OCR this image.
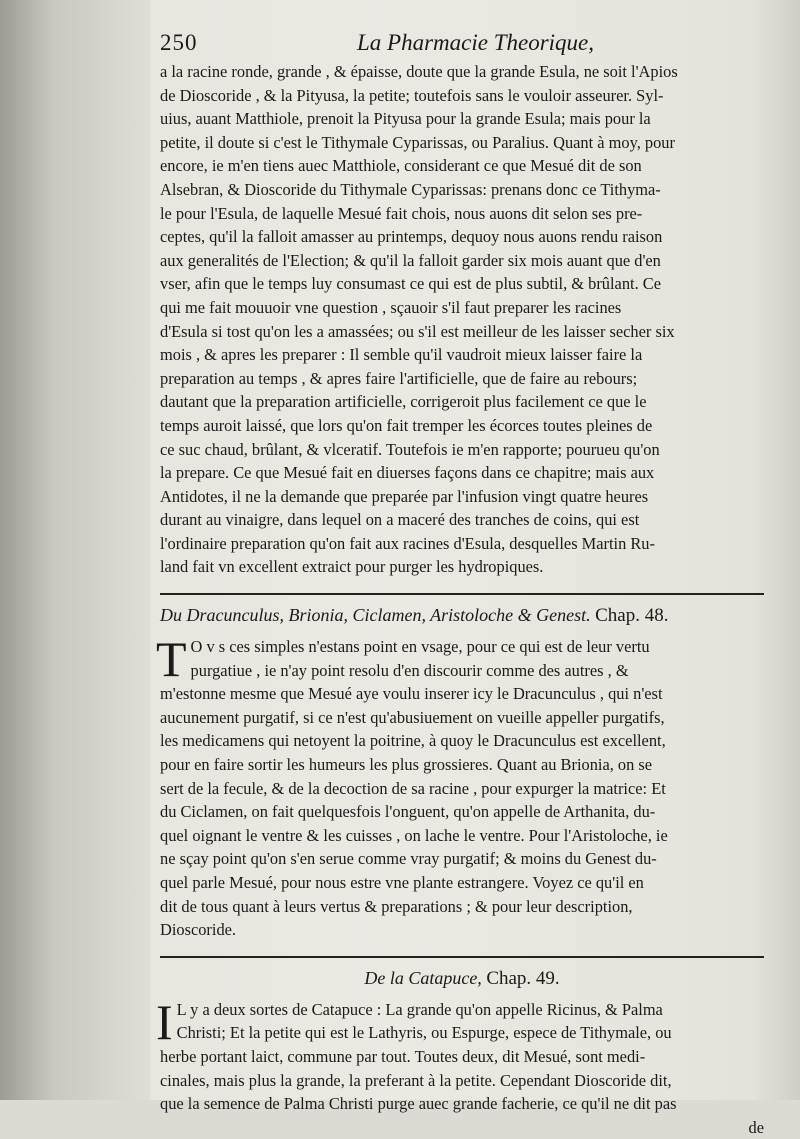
250	La Pharmacie Theorique,
a la racine ronde, grande , & épaisse, doute que la grande Esula, ne soit l'Apios
de Dioscoride , & la Pityusa, la petite; toutefois sans le vouloir asseurer. Syl-
uius, auant Matthiole, prenoit la Pityusa pour la grande Esula; mais pour la
petite, il doute si c'est le Tithymale Cyparissas, ou Paralius. Quant à moy, pour
encore, ie m'en tiens auec Matthiole, considerant ce que Mesué dit de son
Alsebran, & Dioscoride du Tithymale Cyparissas: prenans donc ce Tithyma-
le pour l'Esula, de laquelle Mesué fait chois, nous auons dit selon ses pre-
ceptes, qu'il la falloit amasser au printemps, dequoy nous auons rendu raison
aux generalités de l'Election; & qu'il la falloit garder six mois auant que d'en
vser, afin que le temps luy consumast ce qui est de plus subtil, & brûlant. Ce
qui me fait mouuoir vne question , sçauoir s'il faut preparer les racines
d'Esula si tost qu'on les a amassées; ou s'il est meilleur de les laisser secher six
mois , & apres les preparer : Il semble qu'il vaudroit mieux laisser faire la
preparation au temps , & apres faire l'artificielle, que de faire au rebours;
dautant que la preparation artificielle, corrigeroit plus facilement ce que le
temps auroit laissé, que lors qu'on fait tremper les écorces toutes pleines de
ce suc chaud, brûlant, & vlceratif. Toutefois ie m'en rapporte; pourueu qu'on
la prepare. Ce que Mesué fait en diuerses façons dans ce chapitre; mais aux
Antidotes, il ne la demande que preparée par l'infusion vingt quatre heures
durant au vinaigre, dans lequel on a maceré des tranches de coins, qui est
l'ordinaire preparation qu'on fait aux racines d'Esula, desquelles Martin Ru-
land fait vn excellent extraict pour purger les hydropiques.
Du Dracunculus, Brionia, Ciclamen, Aristoloche & Genest. Chap. 48.
T O v s ces simples n'estans point en vsage, pour ce qui est de leur vertu
purgatiue , ie n'ay point resolu d'en discourir comme des autres , &
m'estonne mesme que Mesué aye voulu inserer icy le Dracunculus , qui n'est
aucunement purgatif, si ce n'est qu'abusiuement on vueille appeller purgatifs,
les medicamens qui netoyent la poitrine, à quoy le Dracunculus est excellent,
pour en faire sortir les humeurs les plus grossieres. Quant au Brionia, on se
sert de la fecule, & de la decoction de sa racine , pour expurger la matrice: Et
du Ciclamen, on fait quelquesfois l'onguent, qu'on appelle de Arthanita, du-
quel oignant le ventre & les cuisses , on lache le ventre. Pour l'Aristoloche, ie
ne sçay point qu'on s'en serue comme vray purgatif; & moins du Genest du-
quel parle Mesué, pour nous estre vne plante estrangere. Voyez ce qu'il en
dit de tous quant à leurs vertus & preparations ; & pour leur description,
Dioscoride.
De la Catapuce, Chap. 49.
I L y a deux sortes de Catapuce : La grande qu'on appelle Ricinus, & Palma
Christi; Et la petite qui est le Lathyris, ou Espurge, espece de Tithymale, ou
herbe portant laict, commune par tout. Toutes deux, dit Mesué, sont medi-
cinales, mais plus la grande, la preferant à la petite. Cependant Dioscoride dit,
que la semence de Palma Christi purge auec grande facherie, ce qu'il ne dit pas
de
